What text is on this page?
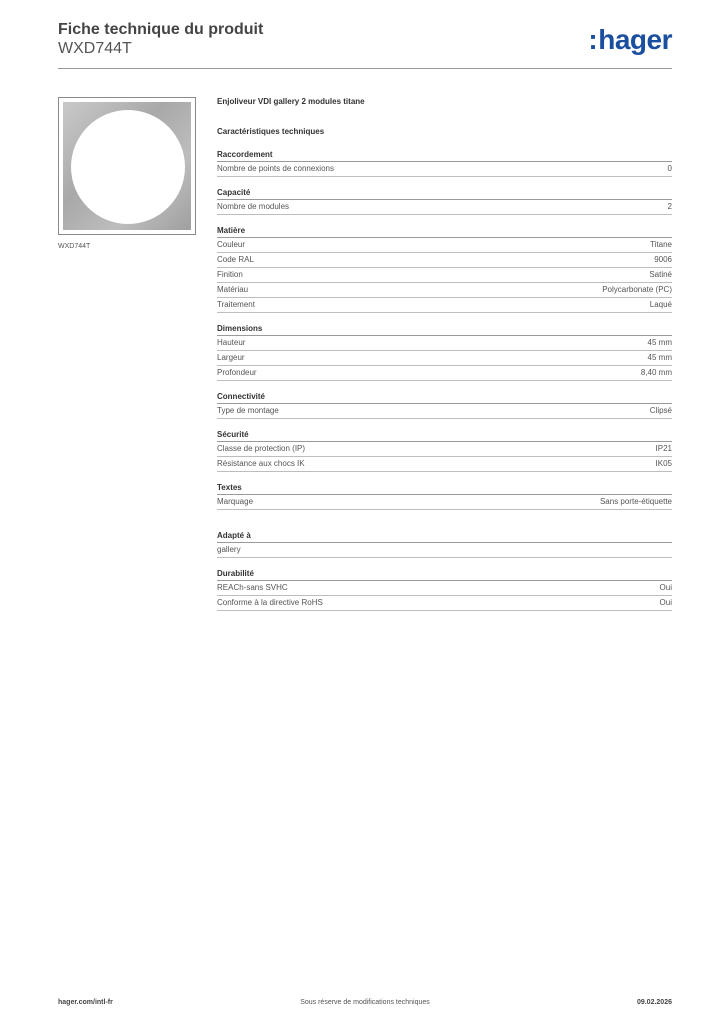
Fiche technique du produit
WXD744T	:hager
WXD744T
Enjoliveur VDI gallery 2 modules titane
Caractéristiques techniques
Raccordement
Nombre de points de connexions	0
Capacité
Nombre de modules	2
Matière
Couleur	Titane
Code RAL	9006
Finition	Satiné
Matériau	Polycarbonate (PC)
Traitement	Laqué
Dimensions
Hauteur	45 mm
Largeur	45 mm
Profondeur	8,40 mm
Connectivité
Type de montage	Clipsé
Sécurité
Classe de protection (IP)	IP21
Résistance aux chocs IK	IK05
Textes
Marquage	Sans porte-étiquette
Adapté à
gallery
Durabilité
REACh-sans SVHC	Oui
Conforme à la directive RoHS	Oui
hager.com/intl-fr	Sous réserve de modifications techniques	09.02.2026
